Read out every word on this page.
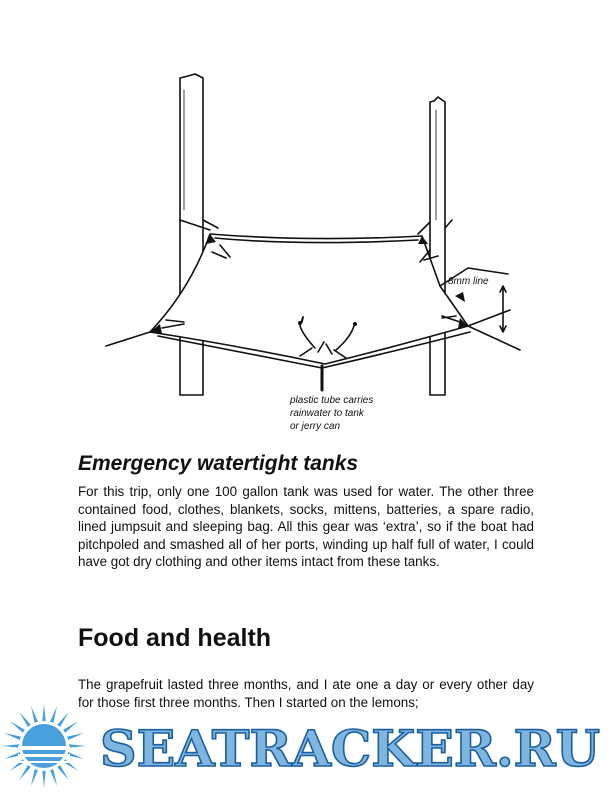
8mm line
plastic tube carries
rainwater to tank
or jerry can
Emergency watertight tanks

For this trip, only one 100 gallon tank was used for water. The other three contained food, clothes, blankets, socks, mittens, batteries, a spare radio, lined jumpsuit and sleeping bag. All this gear was ‘extra’, so if the boat had pitchpoled and smashed all of her ports, winding up half full of water, I could have got dry clothing and other items intact from these tanks.

Food and health

The grapefruit lasted three months, and I ate one a day or every other day for those first three months. Then I started on the lemons;

SEATRACKER.RU
